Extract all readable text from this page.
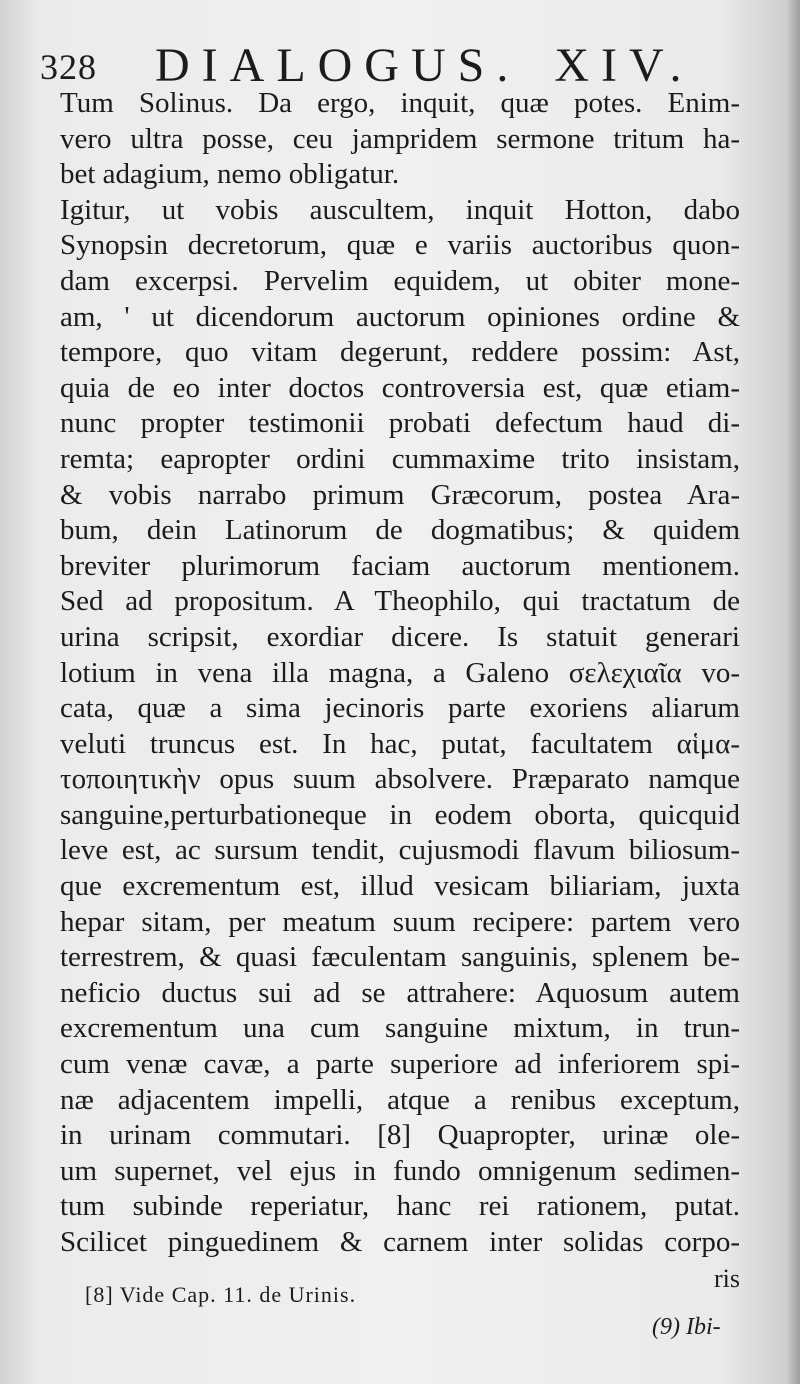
328 DIALOGUS. XIV.
Tum Solinus. Da ergo, inquit, quæ potes. Enim-
vero ultra posse, ceu jampridem sermone tritum ha-
bet adagium, nemo obligatur.
Igitur, ut vobis auscultem, inquit Hotton, dabo
Synopsin decretorum, quæ e variis auctoribus quon-
dam excerpsi. Pervelim equidem, ut obiter mone-
am, ' ut dicendorum auctorum opiniones ordine &
tempore, quo vitam degerunt, reddere possim: Ast,
quia de eo inter doctos controversia est, quæ etiam-
nunc propter testimonii probati defectum haud di-
remta; eapropter ordini cummaxime trito insistam,
& vobis narrabo primum Græcorum, postea Ara-
bum, dein Latinorum de dogmatibus; & quidem
breviter plurimorum faciam auctorum mentionem.
Sed ad propositum. A Theophilo, qui tractatum de
urina scripsit, exordiar dicere. Is statuit generari
lotium in vena illa magna, a Galeno σελεχιαῖα vo-
cata, quæ a sima jecinoris parte exoriens aliarum
veluti truncus est. In hac, putat, facultatem αἱμα-
τοποιητικὴν opus suum absolvere. Præparato namque
sanguine,perturbationeque in eodem oborta, quicquid
leve est, ac sursum tendit, cujusmodi flavum biliosum-
que excrementum est, illud vesicam biliariam, juxta
hepar sitam, per meatum suum recipere: partem vero
terrestrem, & quasi fæculentam sanguinis, splenem be-
neficio ductus sui ad se attrahere: Aquosum autem
excrementum una cum sanguine mixtum, in trun-
cum venæ cavæ, a parte superiore ad inferiorem spi-
næ adjacentem impelli, atque a renibus exceptum,
in urinam commutari. [8] Quapropter, urinæ ole-
um supernet, vel ejus in fundo omnigenum sedimen-
tum subinde reperiatur, hanc rei rationem, putat.
Scilicet pinguedinem & carnem inter solidas corpo-
ris
[8] Vide Cap. 11. de Urinis.
(9) Ibi-
